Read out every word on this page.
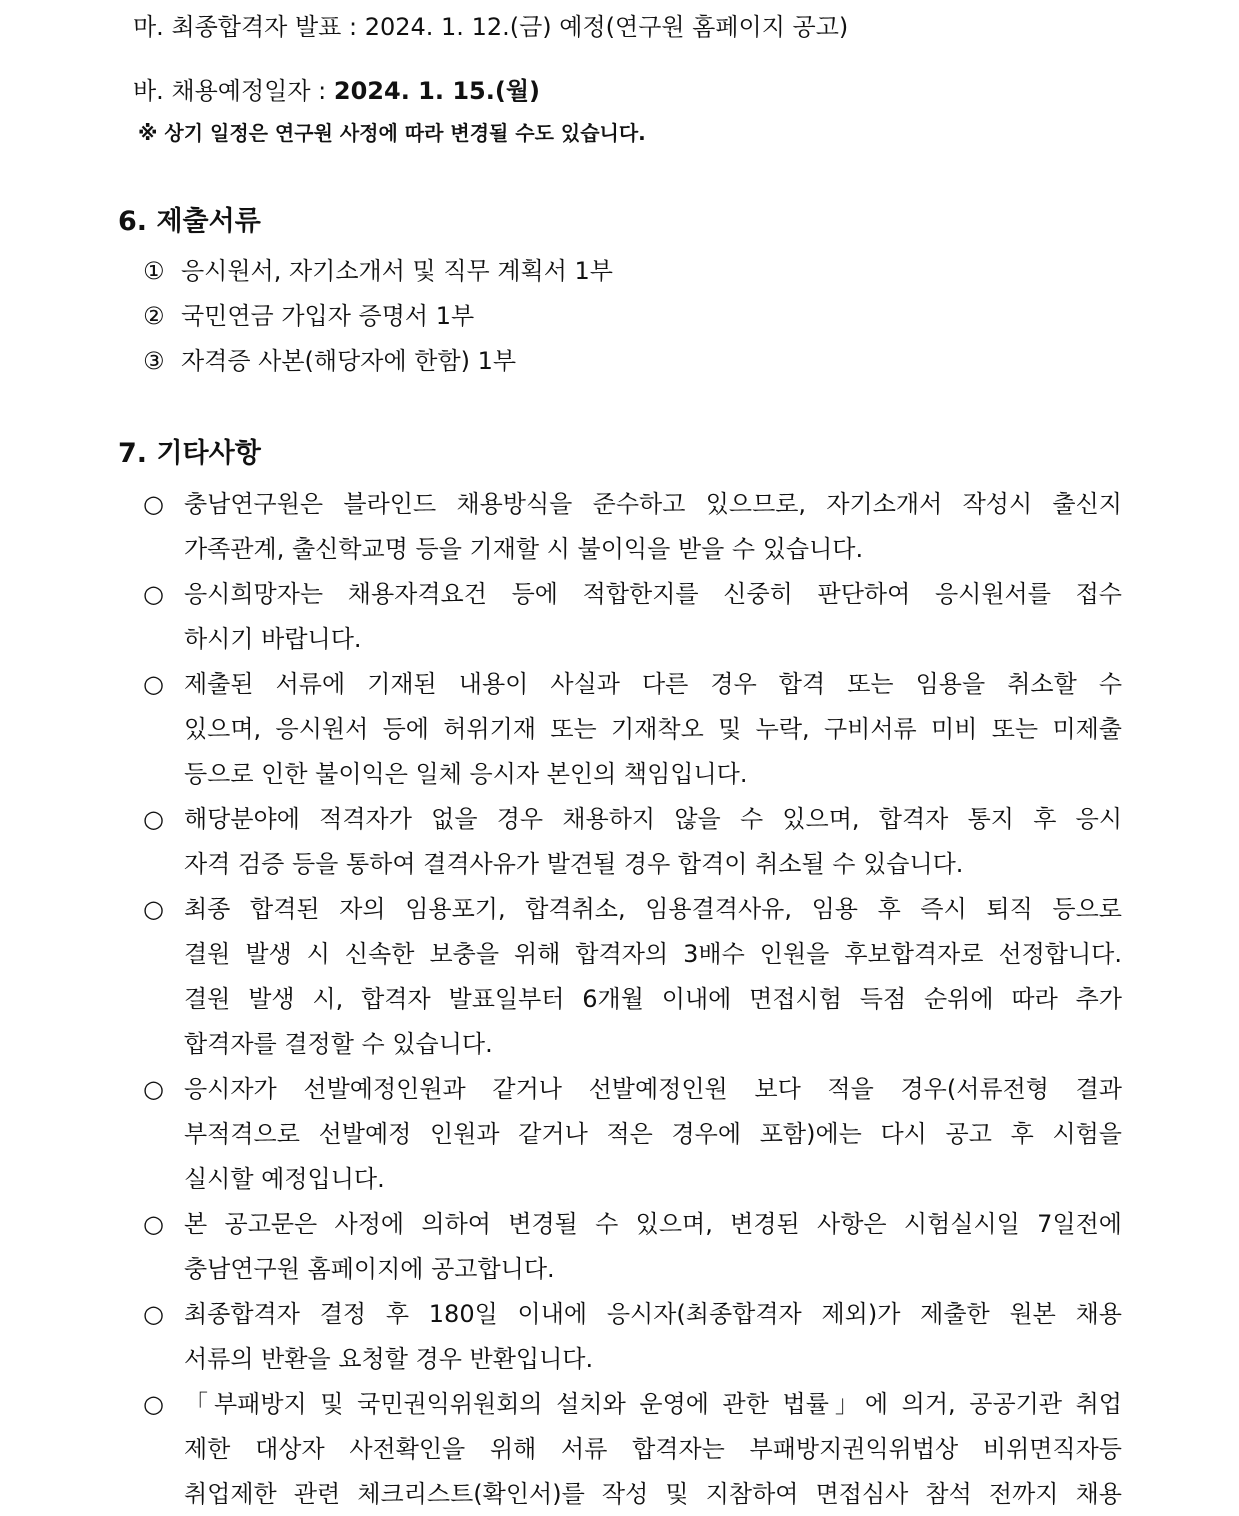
마. 최종합격자 발표 : 2024. 1. 12.(금) 예정(연구원 홈페이지 공고)
바. 채용예정일자 : 2024. 1. 15.(월)
※ 상기 일정은 연구원 사정에 따라 변경될 수도 있습니다.
6. 제출서류
① 응시원서, 자기소개서 및 직무 계획서 1부
② 국민연금 가입자 증명서 1부
③ 자격증 사본(해당자에 한함) 1부
7. 기타사항
○ 충남연구원은 블라인드 채용방식을 준수하고 있으므로, 자기소개서 작성시 출신지
가족관계, 출신학교명 등을 기재할 시 불이익을 받을 수 있습니다.
○ 응시희망자는 채용자격요건 등에 적합한지를 신중히 판단하여 응시원서를 접수
하시기 바랍니다.
○ 제출된 서류에 기재된 내용이 사실과 다른 경우 합격 또는 임용을 취소할 수
있으며, 응시원서 등에 허위기재 또는 기재착오 및 누락, 구비서류 미비 또는 미제출
등으로 인한 불이익은 일체 응시자 본인의 책임입니다.
○ 해당분야에 적격자가 없을 경우 채용하지 않을 수 있으며, 합격자 통지 후 응시
자격 검증 등을 통하여 결격사유가 발견될 경우 합격이 취소될 수 있습니다.
○ 최종 합격된 자의 임용포기, 합격취소, 임용결격사유, 임용 후 즉시 퇴직 등으로
결원 발생 시 신속한 보충을 위해 합격자의 3배수 인원을 후보합격자로 선정합니다.
결원 발생 시, 합격자 발표일부터 6개월 이내에 면접시험 득점 순위에 따라 추가
합격자를 결정할 수 있습니다.
○ 응시자가 선발예정인원과 같거나 선발예정인원 보다 적을 경우(서류전형 결과
부적격으로 선발예정 인원과 같거나 적은 경우에 포함)에는 다시 공고 후 시험을
실시할 예정입니다.
○ 본 공고문은 사정에 의하여 변경될 수 있으며, 변경된 사항은 시험실시일 7일전에
충남연구원 홈페이지에 공고합니다.
○ 최종합격자 결정 후 180일 이내에 응시자(최종합격자 제외)가 제출한 원본 채용
서류의 반환을 요청할 경우 반환입니다.
○ 「부패방지 및 국민권익위원회의 설치와 운영에 관한 법률」에 의거, 공공기관 취업
제한 대상자 사전확인을 위해 서류 합격자는 부패방지권익위법상 비위면직자등
취업제한 관련 체크리스트(확인서)를 작성 및 지참하여 면접심사 참석 전까지 채용
